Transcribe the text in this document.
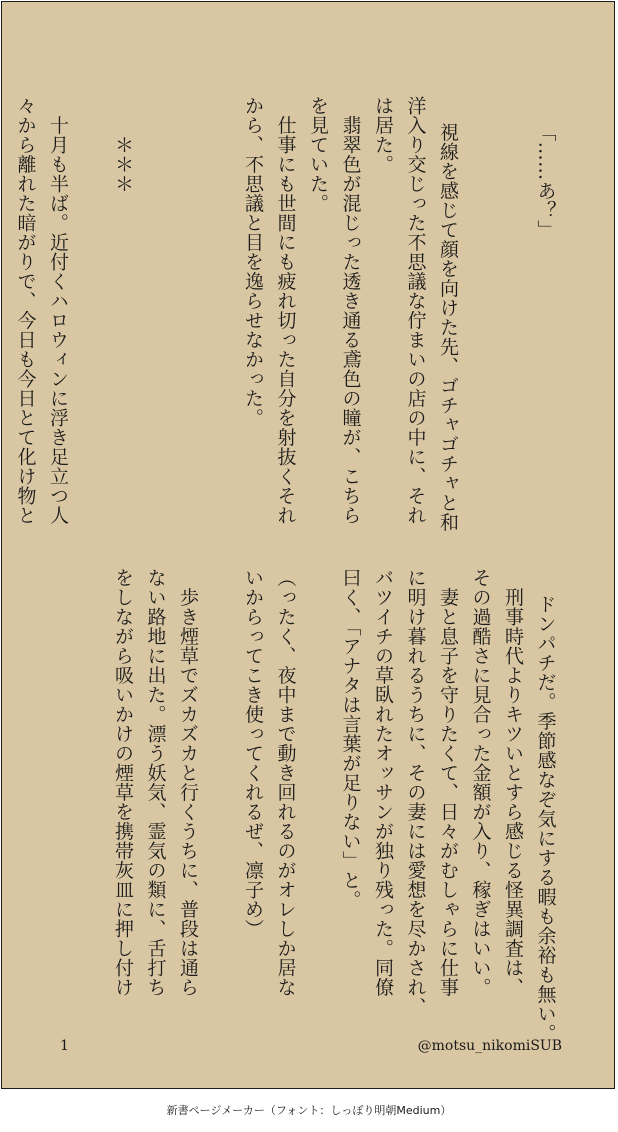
「……あ？」

視線を感じて顔を向けた先、ゴチャゴチャと和
洋入り交じった不思議な佇まいの店の中に、それ
は居た。
　翡翠色が混じった透き通る鳶色の瞳が、こちら
を見ていた。
　仕事にも世間にも疲れ切った自分を射抜くそれ
から、不思議と目を逸らせなかった。

　　＊＊＊

　十月も半ば。近付くハロウィンに浮き足立つ人
々から離れた暗がりで、今日も今日とて化け物と

ドンパチだ。季節感なぞ気にする暇も余裕も無い。
　刑事時代よりキツいとすら感じる怪異調査は、
その過酷さに見合った金額が入り、稼ぎはいい。
　妻と息子を守りたくて、日々がむしゃらに仕事
に明け暮れるうちに、その妻には愛想を尽かされ、
バツイチの草臥れたオッサンが独り残った。同僚
曰く、「アナタは言葉が足りない」と。

（ったく、夜中まで動き回れるのがオレしか居な
いからってこき使ってくれるぜ、凛子め）

　歩き煙草でズカズカと行くうちに、普段は通ら
ない路地に出た。漂う妖気、霊気の類に、舌打ち
をしながら吸いかけの煙草を携帯灰皿に押し付け

1	@motsu_nikomiSUB
新書ページメーカー（フォント：しっぽり明朝Medium）
